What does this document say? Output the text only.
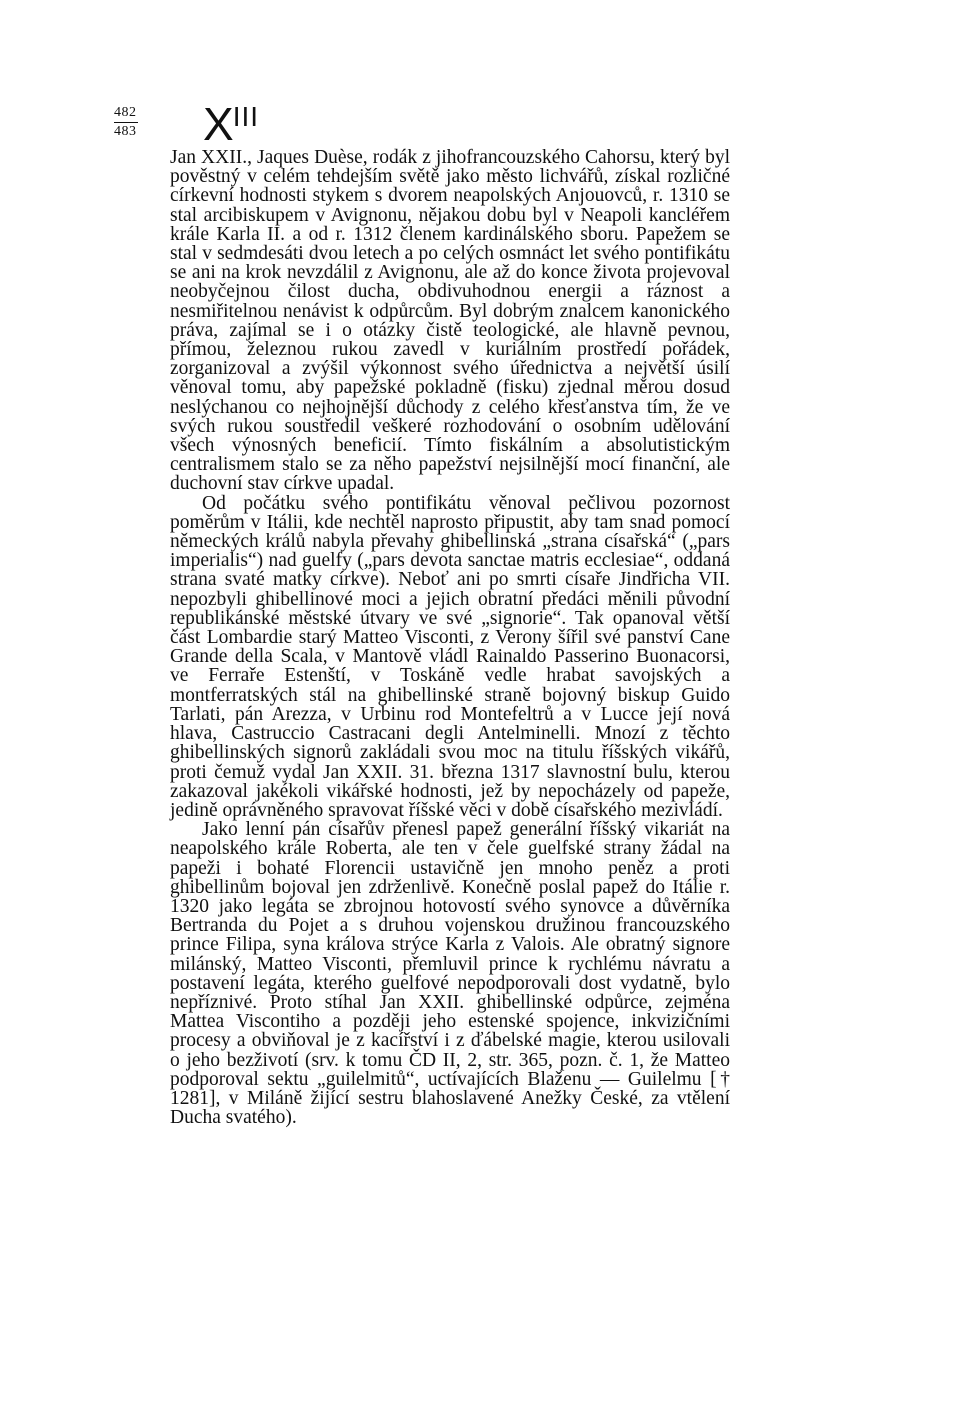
482
483 $X^{III}$

Jan XXII., Jaques Duèse, rodák z jihofrancouzského Cahorsu, který byl pověstný v celém tehdejším světě jako město lichvářů, získal rozličné církevní hodnosti stykem s dvorem neapolských Anjouovců, r. 1310 se stal arcibiskupem v Avignonu, nějakou dobu byl v Neapoli kancléřem krále Karla II. a od r. 1312 členem kardinálského sboru. Papežem se stal v sedmdesáti dvou letech a po celých osmnáct let svého pontifikátu se ani na krok nevzdálil z Avignonu, ale až do konce života projevoval neobyčejnou čilost ducha, obdivuhodnou energii a ráznost a nesmiřitelnou nenávist k odpůrcům. Byl dobrým znalcem kanonického práva, zajímal se i o otázky čistě teologické, ale hlavně pevnou, přímou, železnou rukou zavedl v kuriálním prostředí pořádek, zorganizoval a zvýšil výkonnost svého úřednictva a největší úsilí věnoval tomu, aby papežské pokladně (fisku) zjednal měrou dosud neslýchanou co nejhojnější důchody z celého křesťanstva tím, že ve svých rukou soustředil veškeré rozhodování o osobním udělování všech výnosných beneficií. Tímto fiskálním a absolutistickým centralismem stalo se za něho papežství nejsilnější mocí finanční, ale duchovní stav církve upadal.

Od počátku svého pontifikátu věnoval pečlivou pozornost poměrům v Itálii, kde nechtěl naprosto připustit, aby tam snad pomocí německých králů nabyla převahy ghibellinská „strana císařská“ („pars imperialis“) nad guelfy („pars devota sanctae matris ecclesiae“, oddaná strana svaté matky církve). Neboť ani po smrti císaře Jindřicha VII. nepozbyli ghibellinové moci a jejich obratní předáci měnili původní republikánské městské útvary ve své „signorie“. Tak opanoval větší část Lombardie starý Matteo Visconti, z Verony šířil své panství Cane Grande della Scala, v Mantově vládl Rainaldo Passerino Buonacorsi, ve Ferraře Estenští, v Toskáně vedle hrabat savojských a montferratských stál na ghibellinské straně bojovný biskup Guido Tarlati, pán Arezza, v Urbinu rod Montefeltrů a v Lucce její nová hlava, Castruccio Castracani degli Antelminelli. Mnozí z těchto ghibellinských signorů zakládali svou moc na titulu říšských vikářů, proti čemuž vydal Jan XXII. 31. března 1317 slavnostní bulu, kterou zakazoval jakékoli vikářské hodnosti, jež by nepocházely od papeže, jedině oprávněného spravovat říšské věci v době císařského mezivládí.

Jako lenní pán císařův přenesl papež generální říšský vikariát na neapolského krále Roberta, ale ten v čele guelfské strany žádal na papeži i bohaté Florencii ustavičně jen mnoho peněz a proti ghibellinům bojoval jen zdrženlivě. Konečně poslal papež do Itálie r. 1320 jako legáta se zbrojnou hotovostí svého synovce a důvěrníka Bertranda du Pojet a s druhou vojenskou družinou francouzského prince Filipa, syna králova strýce Karla z Valois. Ale obratný signore milánský, Matteo Visconti, přemluvil prince k rychlému návratu a postavení legáta, kterého guelfové nepodporovali dost vydatně, bylo nepříznivé. Proto stíhal Jan XXII. ghibellinské odpůrce, zejména Mattea Viscontiho a později jeho estenské spojence, inkvizičními procesy a obviňoval je z kacířství i z ďábelské magie, kterou usilovali o jeho bezživotí (srv. k tomu ČD II, 2, str. 365, pozn. č. 1, že Matteo podporoval sektu „guilelmitů“, uctívajících Blaženu — Guilelmu [† 1281], v Miláně žijící sestru blahoslavené Anežky České, za vtělení Ducha svatého).
